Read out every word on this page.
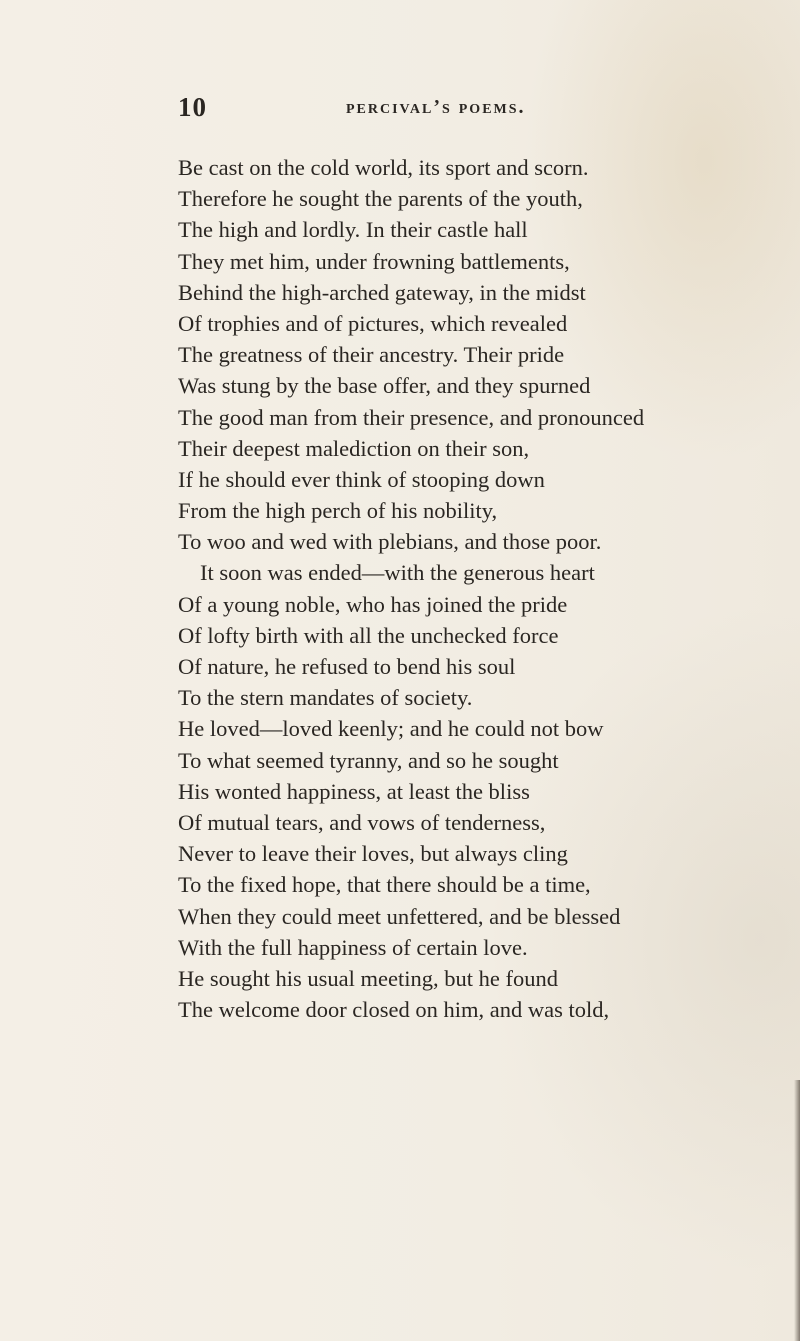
10	percival’s poems.
Be cast on the cold world, its sport and scorn.
Therefore he sought the parents of the youth,
The high and lordly. In their castle hall
They met him, under frowning battlements,
Behind the high-arched gateway, in the midst
Of trophies and of pictures, which revealed
The greatness of their ancestry. Their pride
Was stung by the base offer, and they spurned
The good man from their presence, and pronounced
Their deepest malediction on their son,
If he should ever think of stooping down
From the high perch of his nobility,
To woo and wed with plebians, and those poor.
It soon was ended—with the generous heart
Of a young noble, who has joined the pride
Of lofty birth with all the unchecked force
Of nature, he refused to bend his soul
To the stern mandates of society.
He loved—loved keenly; and he could not bow
To what seemed tyranny, and so he sought
His wonted happiness, at least the bliss
Of mutual tears, and vows of tenderness,
Never to leave their loves, but always cling
To the fixed hope, that there should be a time,
When they could meet unfettered, and be blessed
With the full happiness of certain love.
He sought his usual meeting, but he found
The welcome door closed on him, and was told,
